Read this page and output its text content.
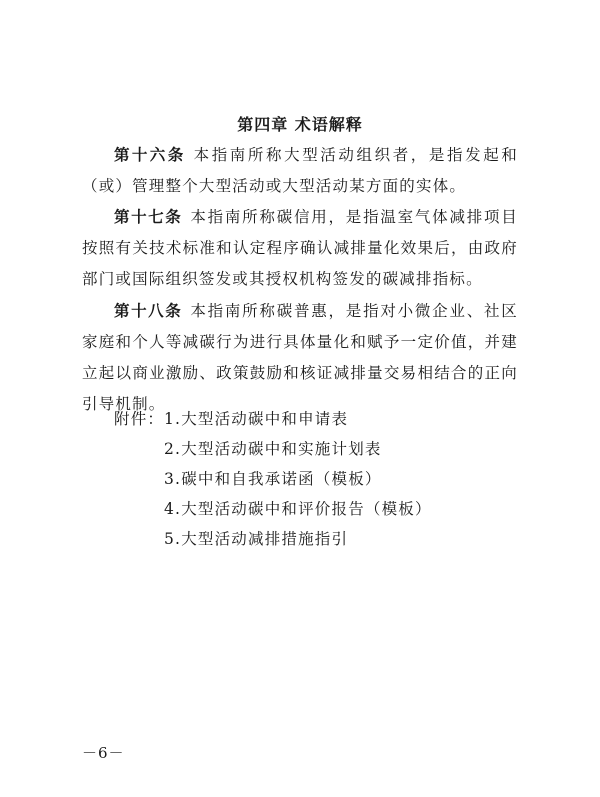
第四章 术语解释

第十六条 本指南所称大型活动组织者，是指发起和（或）管理整个大型活动或大型活动某方面的实体。

第十七条 本指南所称碳信用，是指温室气体减排项目按照有关技术标准和认定程序确认减排量化效果后，由政府部门或国际组织签发或其授权机构签发的碳减排指标。

第十八条 本指南所称碳普惠，是指对小微企业、社区家庭和个人等减碳行为进行具体量化和赋予一定价值，并建立起以商业激励、政策鼓励和核证减排量交易相结合的正向引导机制。

附件：1.大型活动碳中和申请表
2.大型活动碳中和实施计划表
3.碳中和自我承诺函（模板）
4.大型活动碳中和评价报告（模板）
5.大型活动减排措施指引
－6－
